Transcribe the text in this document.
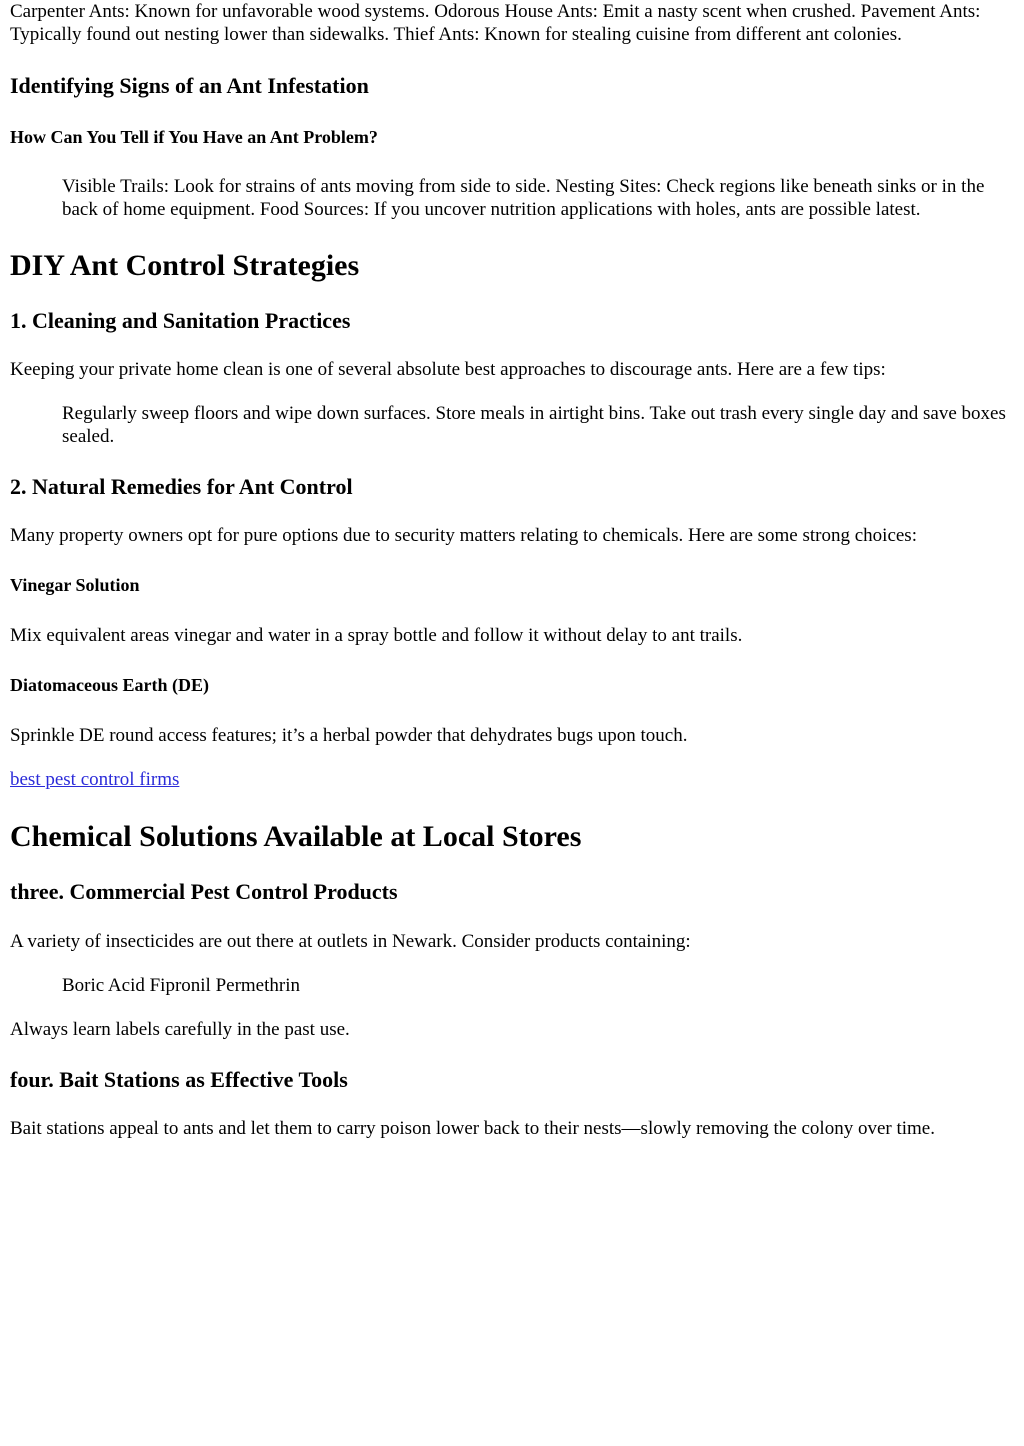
Carpenter Ants: Known for unfavorable wood systems. Odorous House Ants: Emit a nasty scent when crushed. Pavement Ants: Typically found out nesting lower than sidewalks. Thief Ants: Known for stealing cuisine from different ant colonies.

Identifying Signs of an Ant Infestation
How Can You Tell if You Have an Ant Problem?
Visible Trails: Look for strains of ants moving from side to side. Nesting Sites: Check regions like beneath sinks or in the back of home equipment. Food Sources: If you uncover nutrition applications with holes, ants are possible latest.
DIY Ant Control Strategies
1. Cleaning and Sanitation Practices

Keeping your private home clean is one of several absolute best approaches to discourage ants. Here are a few tips:

Regularly sweep floors and wipe down surfaces. Store meals in airtight bins. Take out trash every single day and save boxes sealed.
2. Natural Remedies for Ant Control

Many property owners opt for pure options due to security matters relating to chemicals. Here are some strong choices:

Vinegar Solution

Mix equivalent areas vinegar and water in a spray bottle and follow it without delay to ant trails.

Diatomaceous Earth (DE)

Sprinkle DE round access features; it’s a herbal powder that dehydrates bugs upon touch.

best pest control firms

Chemical Solutions Available at Local Stores
three. Commercial Pest Control Products

A variety of insecticides are out there at outlets in Newark. Consider products containing:

Boric Acid Fipronil Permethrin

Always learn labels carefully in the past use.

four. Bait Stations as Effective Tools

Bait stations appeal to ants and let them to carry poison lower back to their nests—slowly removing the colony over time.
